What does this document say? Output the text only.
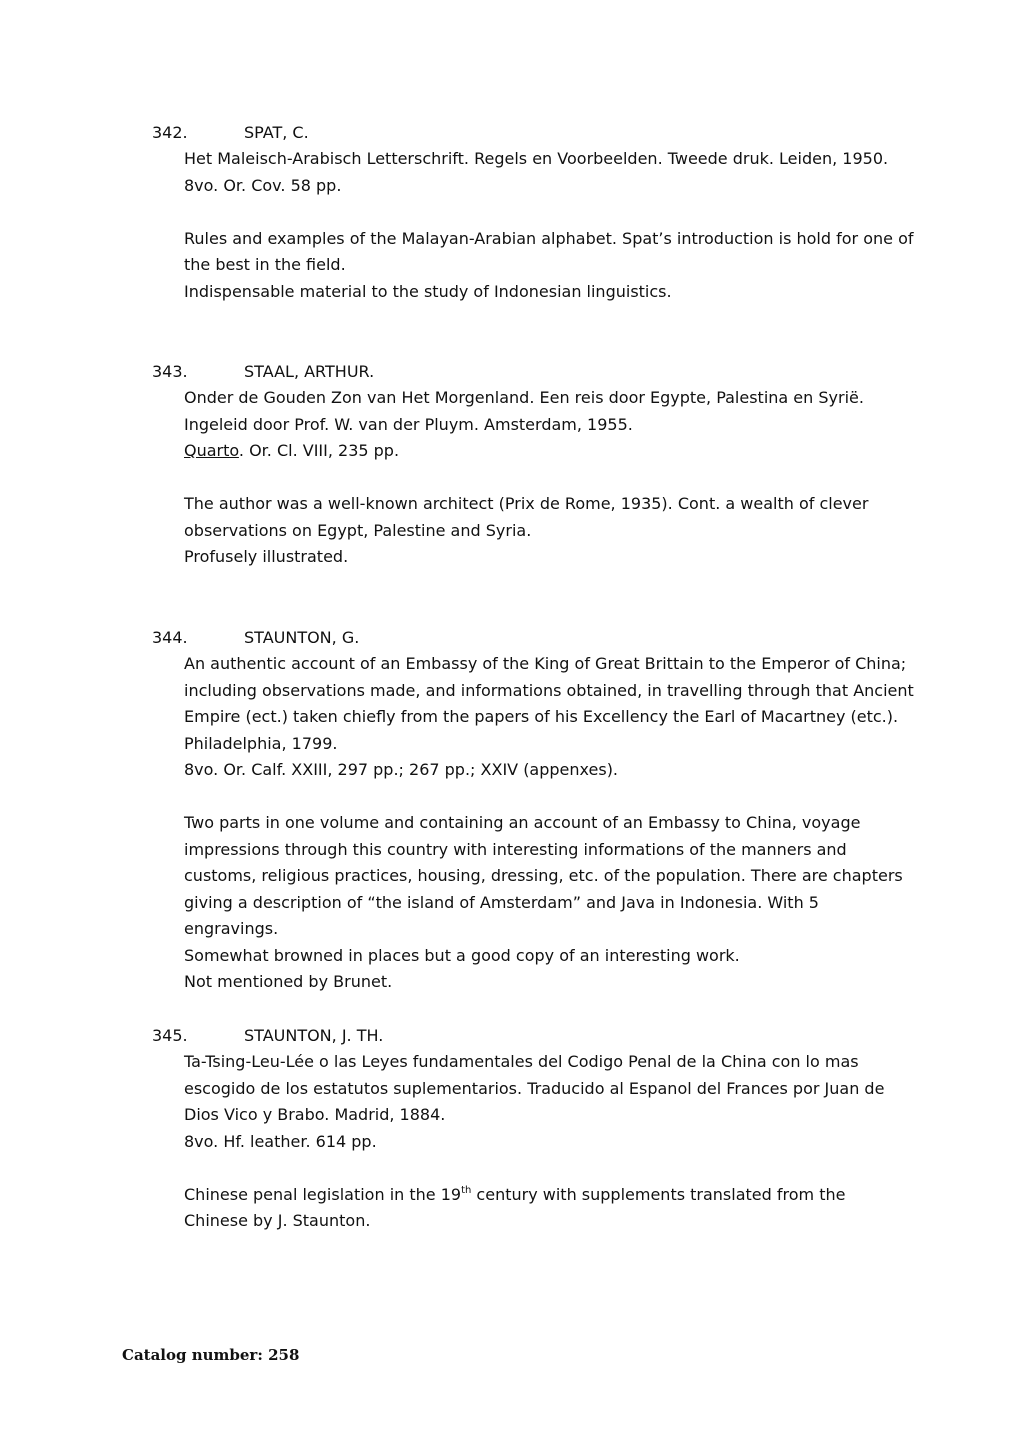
342.	SPAT, C.

Het Maleisch-Arabisch Letterschrift. Regels en Voorbeelden. Tweede druk. Leiden, 1950.

8vo. Or. Cov. 58 pp.

Rules and examples of the Malayan-Arabian alphabet. Spat’s introduction is hold for one of the best in the field.

Indispensable material to the study of Indonesian linguistics.

343.	STAAL, ARTHUR.

Onder de Gouden Zon van Het Morgenland. Een reis door Egypte, Palestina en Syrië. Ingeleid door Prof. W. van der Pluym. Amsterdam, 1955.

Quarto. Or. Cl. VIII, 235 pp.

The author was a well-known architect (Prix de Rome, 1935). Cont. a wealth of clever observations on Egypt, Palestine and Syria.

Profusely illustrated.

344.	STAUNTON, G.

An authentic account of an Embassy of the King of Great Brittain to the Emperor of China; including observations made, and informations obtained, in travelling through that Ancient Empire (ect.) taken chiefly from the papers of his Excellency the Earl of Macartney (etc.).

Philadelphia, 1799.

8vo. Or. Calf. XXIII, 297 pp.; 267 pp.; XXIV (appenxes).

Two parts in one volume and containing an account of an Embassy to China, voyage impressions through this country with interesting informations of the manners and customs, religious practices, housing, dressing, etc. of the population. There are chapters giving a description of “the island of Amsterdam” and Java in Indonesia. With 5 engravings.

Somewhat browned in places but a good copy of an interesting work.

Not mentioned by Brunet.

345.	STAUNTON, J. TH.

Ta-Tsing-Leu-Lée o las Leyes fundamentales del Codigo Penal de la China con lo mas escogido de los estatutos suplementarios. Traducido al Espanol del Frances por Juan de Dios Vico y Brabo. Madrid, 1884.

8vo. Hf. leather. 614 pp.

Chinese penal legislation in the 19th century with supplements translated from the Chinese by J. Staunton.

Catalog number: 258
